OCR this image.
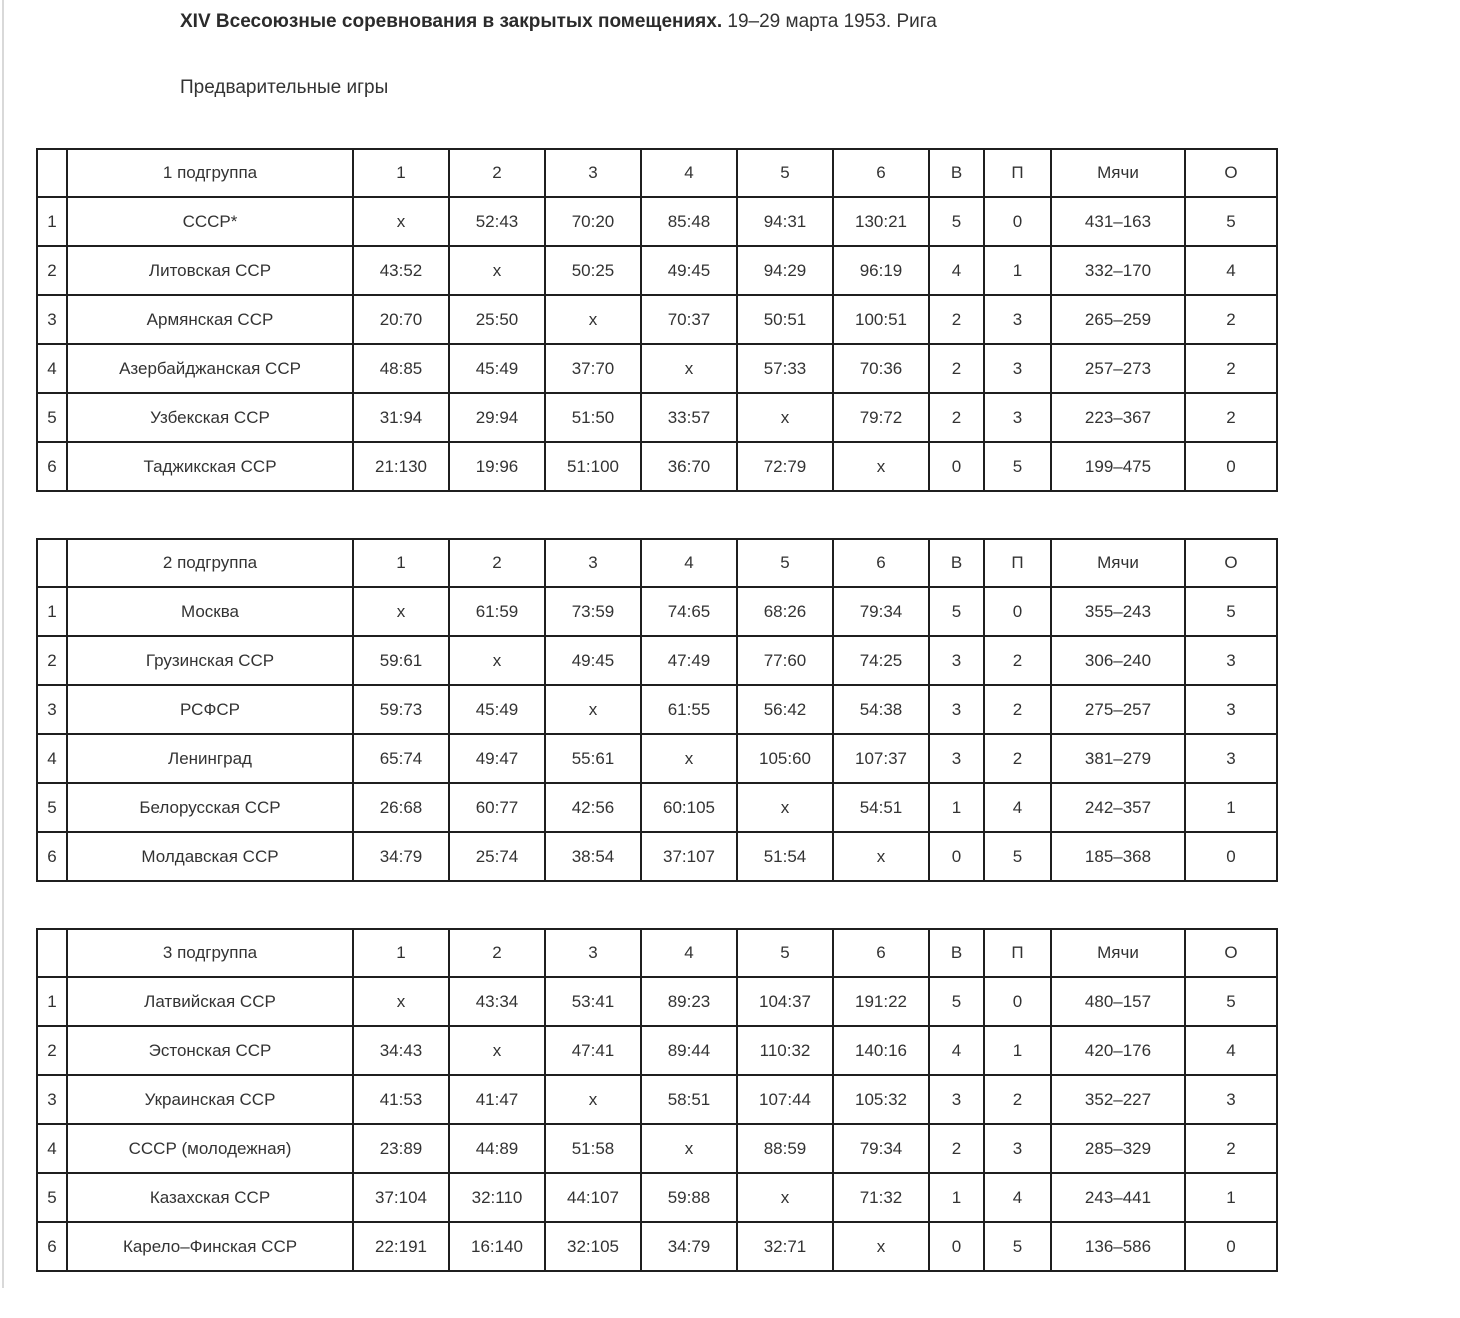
XIV Всесоюзные соревнования в закрытых помещениях. 19–29 марта 1953. Рига
Предварительные игры
	1 подгруппа	1	2	3	4	5	6	В	П	Мячи	О
1	СССР*	x	52:43	70:20	85:48	94:31	130:21	5	0	431–163	5
2	Литовская ССР	43:52	x	50:25	49:45	94:29	96:19	4	1	332–170	4
3	Армянская ССР	20:70	25:50	x	70:37	50:51	100:51	2	3	265–259	2
4	Азербайджанская ССР	48:85	45:49	37:70	x	57:33	70:36	2	3	257–273	2
5	Узбекская ССР	31:94	29:94	51:50	33:57	x	79:72	2	3	223–367	2
6	Таджикская ССР	21:130	19:96	51:100	36:70	72:79	x	0	5	199–475	0
	2 подгруппа	1	2	3	4	5	6	В	П	Мячи	О
1	Москва	x	61:59	73:59	74:65	68:26	79:34	5	0	355–243	5
2	Грузинская ССР	59:61	x	49:45	47:49	77:60	74:25	3	2	306–240	3
3	РСФСР	59:73	45:49	x	61:55	56:42	54:38	3	2	275–257	3
4	Ленинград	65:74	49:47	55:61	x	105:60	107:37	3	2	381–279	3
5	Белорусская ССР	26:68	60:77	42:56	60:105	x	54:51	1	4	242–357	1
6	Молдавская ССР	34:79	25:74	38:54	37:107	51:54	x	0	5	185–368	0
	3 подгруппа	1	2	3	4	5	6	В	П	Мячи	О
1	Латвийская ССР	x	43:34	53:41	89:23	104:37	191:22	5	0	480–157	5
2	Эстонская ССР	34:43	x	47:41	89:44	110:32	140:16	4	1	420–176	4
3	Украинская ССР	41:53	41:47	x	58:51	107:44	105:32	3	2	352–227	3
4	СССР (молодежная)	23:89	44:89	51:58	x	88:59	79:34	2	3	285–329	2
5	Казахская ССР	37:104	32:110	44:107	59:88	x	71:32	1	4	243–441	1
6	Карело–Финская ССР	22:191	16:140	32:105	34:79	32:71	x	0	5	136–586	0
